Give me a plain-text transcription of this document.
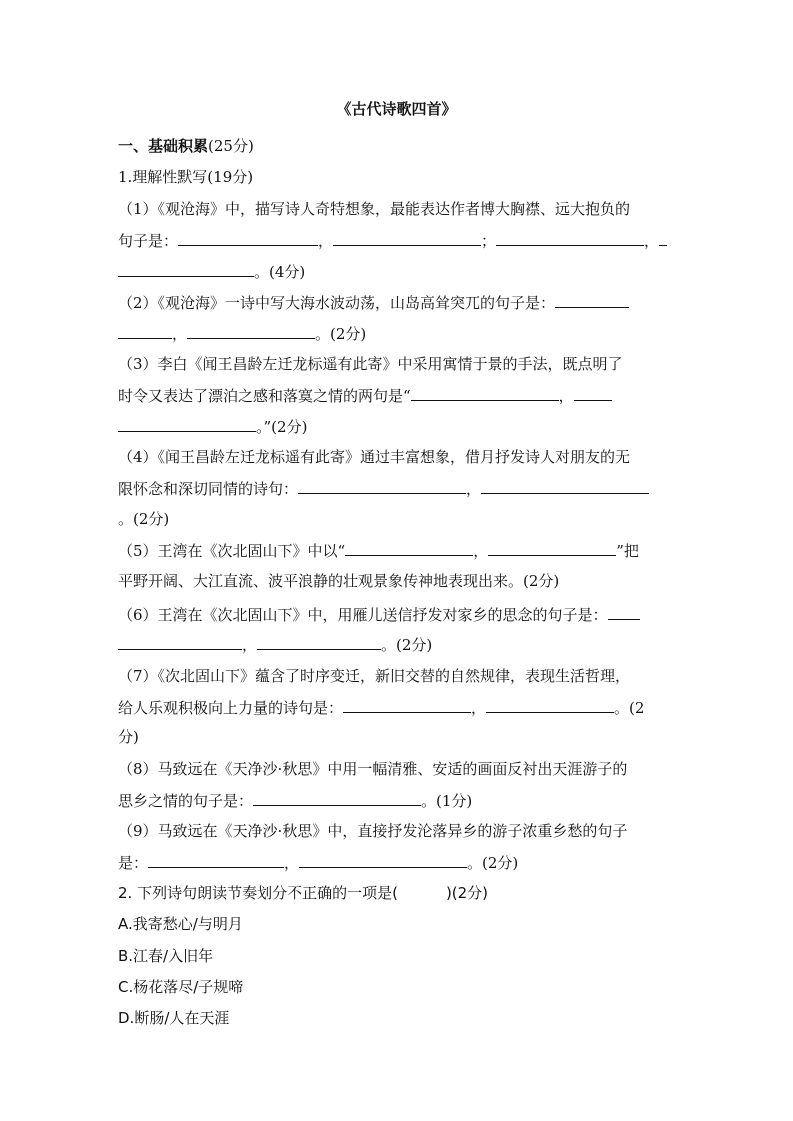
《古代诗歌四首》
一、基础积累(25分)
1.理解性默写(19分)
（1）《观沧海》中，描写诗人奇特想象，最能表达作者博大胸襟、远大抱负的
句子是：	，	；	，
。(4分)
（2）《观沧海》一诗中写大海水波动荡，山岛高耸突兀的句子是：
，	。(2分)
（3）李白《闻王昌龄左迁龙标遥有此寄》中采用寓情于景的手法，既点明了
时令又表达了漂泊之感和落寞之情的两句是“	，
。”(2分)
（4）《闻王昌龄左迁龙标遥有此寄》通过丰富想象，借月抒发诗人对朋友的无
限怀念和深切同情的诗句：	，
。(2分)
（5）王湾在《次北固山下》中以“	，	”把
平野开阔、大江直流、波平浪静的壮观景象传神地表现出来。(2分)
（6）王湾在《次北固山下》中，用雁儿送信抒发对家乡的思念的句子是：
，	。(2分)
（7）《次北固山下》蕴含了时序变迁，新旧交替的自然规律，表现生活哲理，
给人乐观积极向上力量的诗句是：	，	。(2
分)
（8）马致远在《天净沙·秋思》中用一幅清雅、安适的画面反衬出天涯游子的
思乡之情的句子是：	。(1分)
（9）马致远在《天净沙·秋思》中，直接抒发沦落异乡的游子浓重乡愁的句子
是：	，	。(2分)
2. 下列诗句朗读节奏划分不正确的一项是(	)(2分)
A.我寄愁心/与明月
B.江春/入旧年
C.杨花落尽/子规啼
D.断肠/人在天涯
